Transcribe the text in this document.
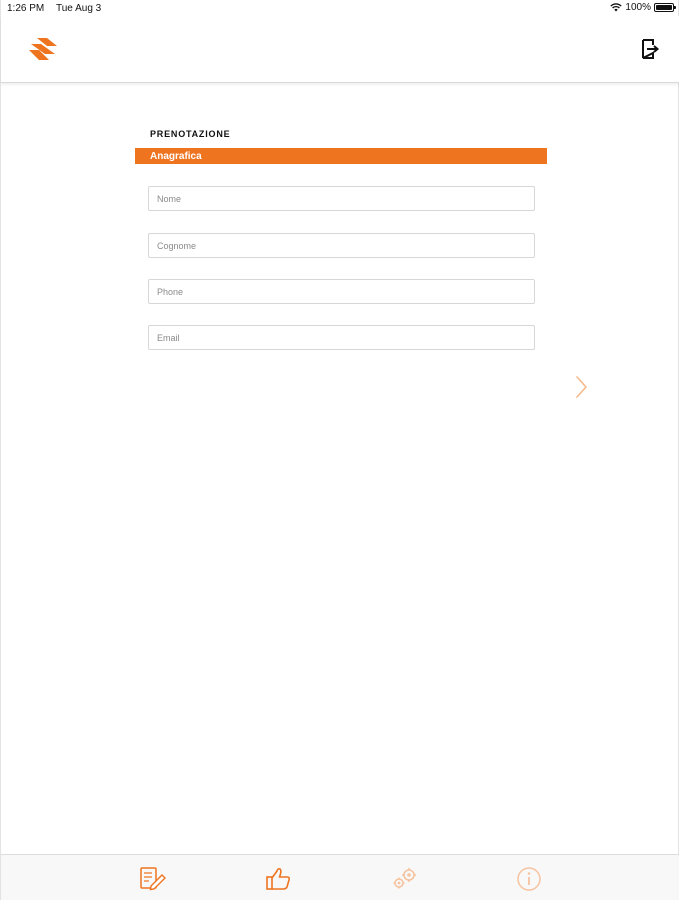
1:26 PM Tue Aug 3	100%
PRENOTAZIONE
Anagrafica
Nome
Cognome
Phone
Email
